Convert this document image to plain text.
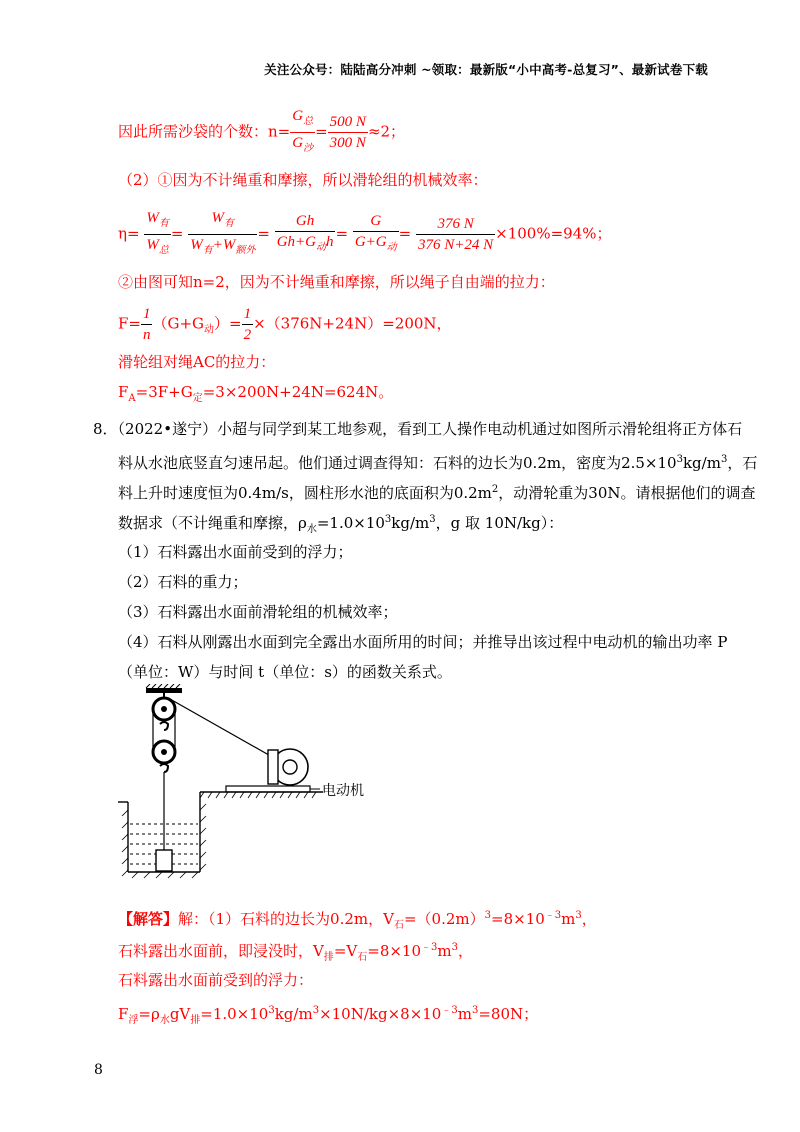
关注公众号：陆陆高分冲刺 ~领取：最新版“小中高考-总复习”、最新试卷下载
因此所需沙袋的个数：$n= \frac{G_总}{G_沙} = \frac{500 N}{300 N} \approx 2$；
（2）①因为不计绳重和摩擦，所以滑轮组的机械效率：
$\eta= \frac{W_有}{W_总} = \frac{W_有}{W_有+W_{额外}} = \frac{Gh}{Gh+G_动h} = \frac{G}{G+G_动} = \frac{376 N}{376 N+24 N} \times 100\%=94\%$；
②由图可知n=2，因为不计绳重和摩擦，所以绳子自由端的拉力：
$F= \frac{1}{n} (G+G_动)= \frac{1}{2} \times(376N+24N)=200N$，
滑轮组对绳AC的拉力：
$F_A=3F+G_定=3\times 200N+24N=624N$。
8．（2022•遂宁）小超与同学到某工地参观，看到工人操作电动机通过如图所示滑轮组将正方体石
料从水池底竖直匀速吊起。他们通过调查得知：石料的边长为0.2m，密度为$2.5\times 10^3kg/m^3$，石
料上升时速度恒为0.4m/s，圆柱形水池的底面积为$0.2m^2$，动滑轮重为30N。请根据他们的调查
数据求（不计绳重和摩擦，$\rho_水=1.0\times 10^3kg/m^3$，g 取 10N/kg）：
（1）石料露出水面前受到的浮力；
（2）石料的重力；
（3）石料露出水面前滑轮组的机械效率；
（4）石料从刚露出水面到完全露出水面所用的时间；并推导出该过程中电动机的输出功率 P
（单位：W）与时间 t（单位：s）的函数关系式。
电动机
【解答】解：（1）石料的边长为0.2m，$V_石=(0.2m)^3=8\times 10^{﹣3}m^3$，
石料露出水面前，即浸没时，$V_排=V_石=8\times 10^{﹣3}m^3$，
石料露出水面前受到的浮力：
$F_浮=\rho_水gV_排=1.0\times 10^3kg/m^3\times 10N/kg\times 8\times 10^{﹣3}m^3=80N$；
8
